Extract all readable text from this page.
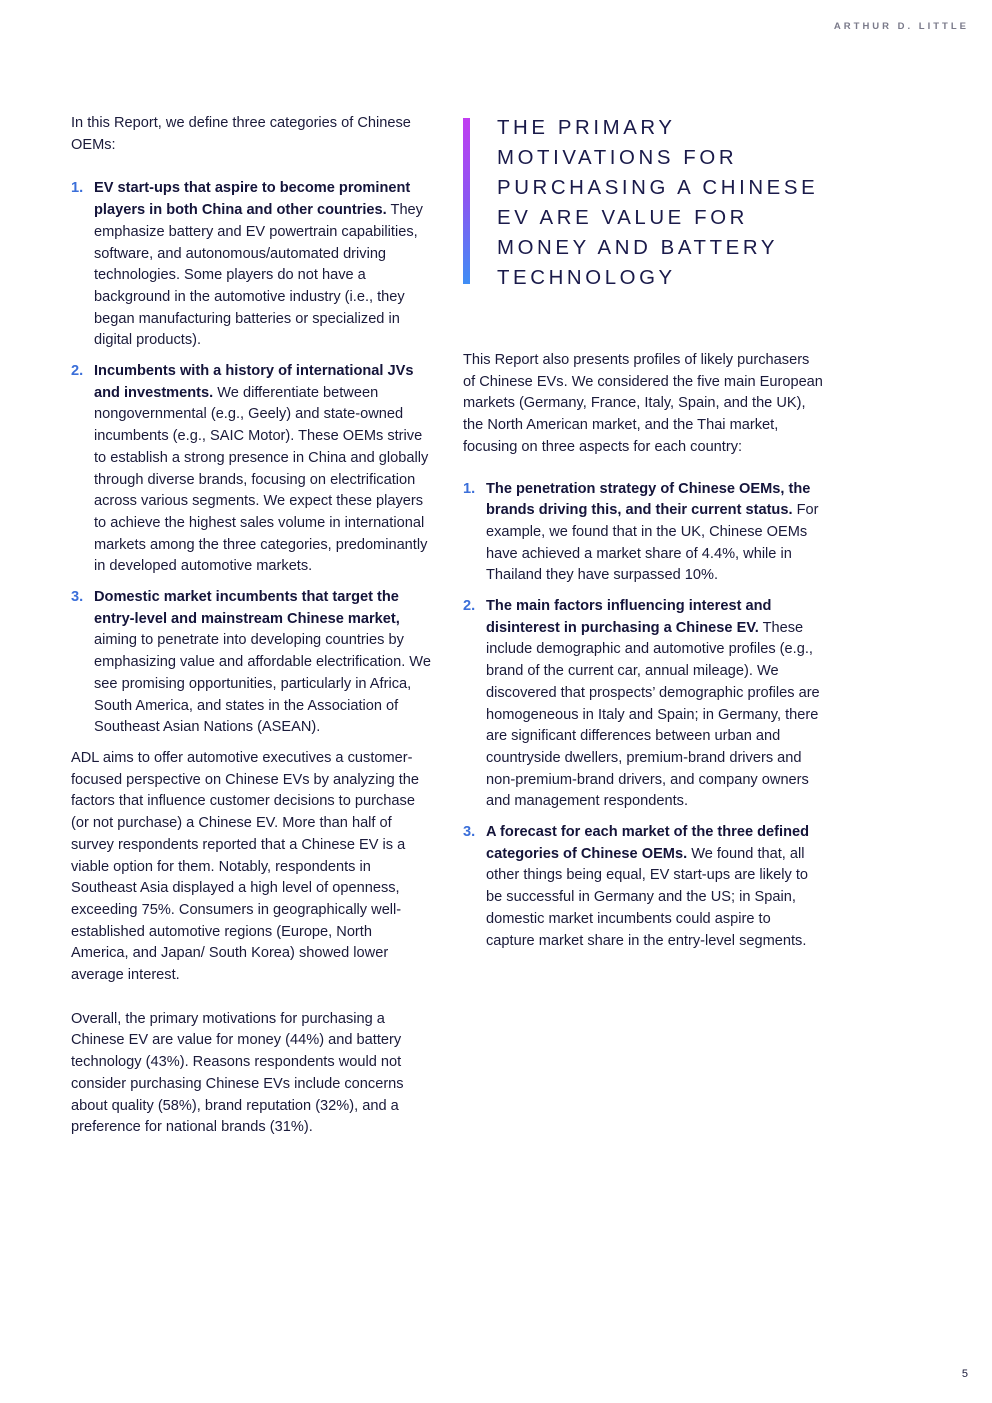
ARTHUR D. LITTLE

In this Report, we define three categories of Chinese OEMs:

1. EV start-ups that aspire to become prominent players in both China and other countries. They emphasize battery and EV powertrain capabilities, software, and autonomous/automated driving technologies. Some players do not have a background in the automotive industry (i.e., they began manufacturing batteries or specialized in digital products).
2. Incumbents with a history of international JVs and investments. We differentiate between nongovernmental (e.g., Geely) and state-owned incumbents (e.g., SAIC Motor). These OEMs strive to establish a strong presence in China and globally through diverse brands, focusing on electrification across various segments. We expect these players to achieve the highest sales volume in international markets among the three categories, predominantly in developed automotive markets.
3. Domestic market incumbents that target the entry-level and mainstream Chinese market, aiming to penetrate into developing countries by emphasizing value and affordable electrification. We see promising opportunities, particularly in Africa, South America, and states in the Association of Southeast Asian Nations (ASEAN).

ADL aims to offer automotive executives a customer-focused perspective on Chinese EVs by analyzing the factors that influence customer decisions to purchase (or not purchase) a Chinese EV. More than half of survey respondents reported that a Chinese EV is a viable option for them. Notably, respondents in Southeast Asia displayed a high level of openness, exceeding 75%. Consumers in geographically well-established automotive regions (Europe, North America, and Japan/ South Korea) showed lower average interest.

Overall, the primary motivations for purchasing a Chinese EV are value for money (44%) and battery technology (43%). Reasons respondents would not consider purchasing Chinese EVs include concerns about quality (58%), brand reputation (32%), and a preference for national brands (31%).

THE PRIMARY MOTIVATIONS FOR PURCHASING A CHINESE EV ARE VALUE FOR MONEY AND BATTERY TECHNOLOGY

This Report also presents profiles of likely purchasers of Chinese EVs. We considered the five main European markets (Germany, France, Italy, Spain, and the UK), the North American market, and the Thai market, focusing on three aspects for each country:

1. The penetration strategy of Chinese OEMs, the brands driving this, and their current status. For example, we found that in the UK, Chinese OEMs have achieved a market share of 4.4%, while in Thailand they have surpassed 10%.
2. The main factors influencing interest and disinterest in purchasing a Chinese EV. These include demographic and automotive profiles (e.g., brand of the current car, annual mileage). We discovered that prospects’ demographic profiles are homogeneous in Italy and Spain; in Germany, there are significant differences between urban and countryside dwellers, premium-brand drivers and non-premium-brand drivers, and company owners and management respondents.
3. A forecast for each market of the three defined categories of Chinese OEMs. We found that, all other things being equal, EV start-ups are likely to be successful in Germany and the US; in Spain, domestic market incumbents could aspire to capture market share in the entry-level segments.
5
